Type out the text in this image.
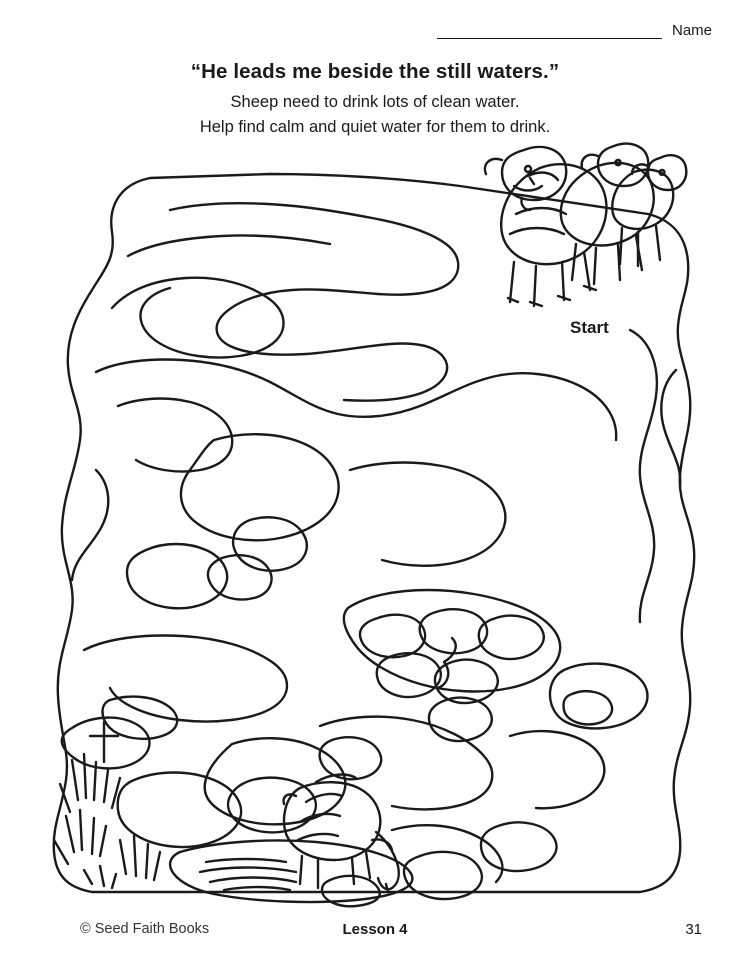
Name
“He leads me beside the still waters.”
Sheep need to drink lots of clean water.
Help find calm and quiet water for them to drink.
Start
© Seed Faith Books	Lesson 4	31
